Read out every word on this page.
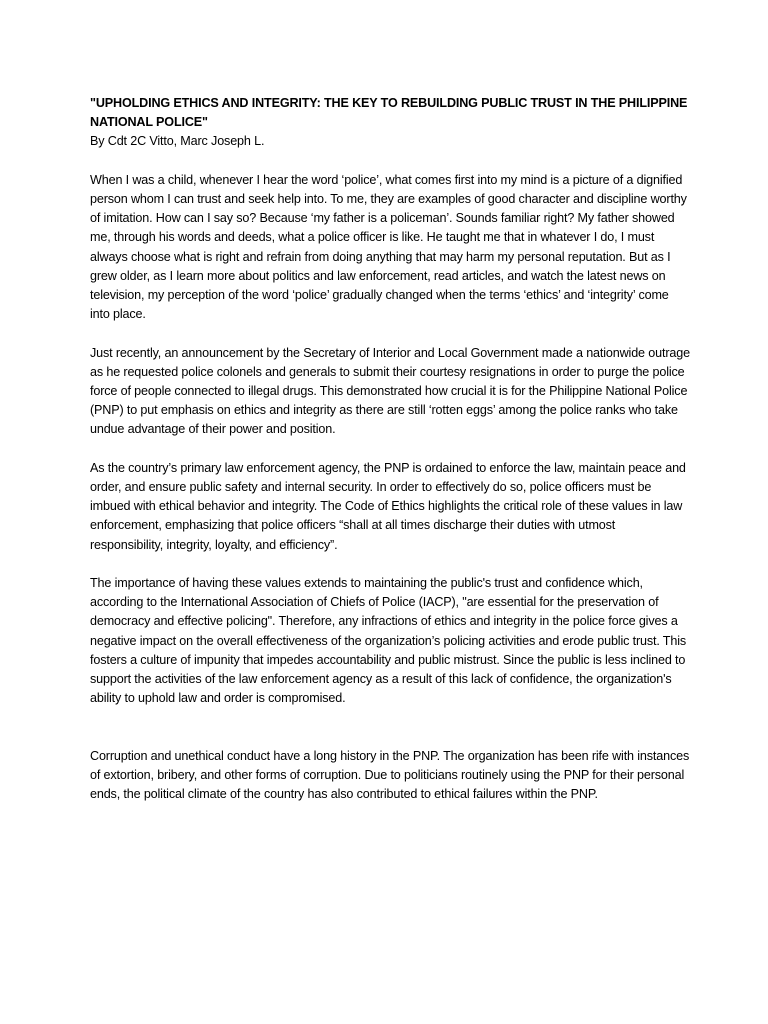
"UPHOLDING ETHICS AND INTEGRITY: THE KEY TO REBUILDING PUBLIC TRUST IN THE PHILIPPINE NATIONAL POLICE"

By Cdt 2C Vitto, Marc Joseph L.

When I was a child, whenever I hear the word ‘police’, what comes first into my mind is a picture of a dignified person whom I can trust and seek help into. To me, they are examples of good character and discipline worthy of imitation. How can I say so? Because ‘my father is a policeman’. Sounds familiar right? My father showed me, through his words and deeds, what a police officer is like. He taught me that in whatever I do, I must always choose what is right and refrain from doing anything that may harm my personal reputation. But as I grew older, as I learn more about politics and law enforcement, read articles, and watch the latest news on television, my perception of the word ‘police’ gradually changed when the terms ‘ethics’ and ‘integrity’ come into place.

Just recently, an announcement by the Secretary of Interior and Local Government made a nationwide outrage as he requested police colonels and generals to submit their courtesy resignations in order to purge the police force of people connected to illegal drugs. This demonstrated how crucial it is for the Philippine National Police (PNP) to put emphasis on ethics and integrity as there are still ‘rotten eggs’ among the police ranks who take undue advantage of their power and position.

As the country’s primary law enforcement agency, the PNP is ordained to enforce the law, maintain peace and order, and ensure public safety and internal security. In order to effectively do so, police officers must be imbued with ethical behavior and integrity. The Code of Ethics highlights the critical role of these values in law enforcement, emphasizing that police officers “shall at all times discharge their duties with utmost responsibility, integrity, loyalty, and efficiency”.

The importance of having these values extends to maintaining the public's trust and confidence which, according to the International Association of Chiefs of Police (IACP), "are essential for the preservation of democracy and effective policing". Therefore, any infractions of ethics and integrity in the police force gives a negative impact on the overall effectiveness of the organization’s policing activities and erode public trust. This fosters a culture of impunity that impedes accountability and public mistrust. Since the public is less inclined to support the activities of the law enforcement agency as a result of this lack of confidence, the organization's ability to uphold law and order is compromised.

Corruption and unethical conduct have a long history in the PNP. The organization has been rife with instances of extortion, bribery, and other forms of corruption. Due to politicians routinely using the PNP for their personal ends, the political climate of the country has also contributed to ethical failures within the PNP.
